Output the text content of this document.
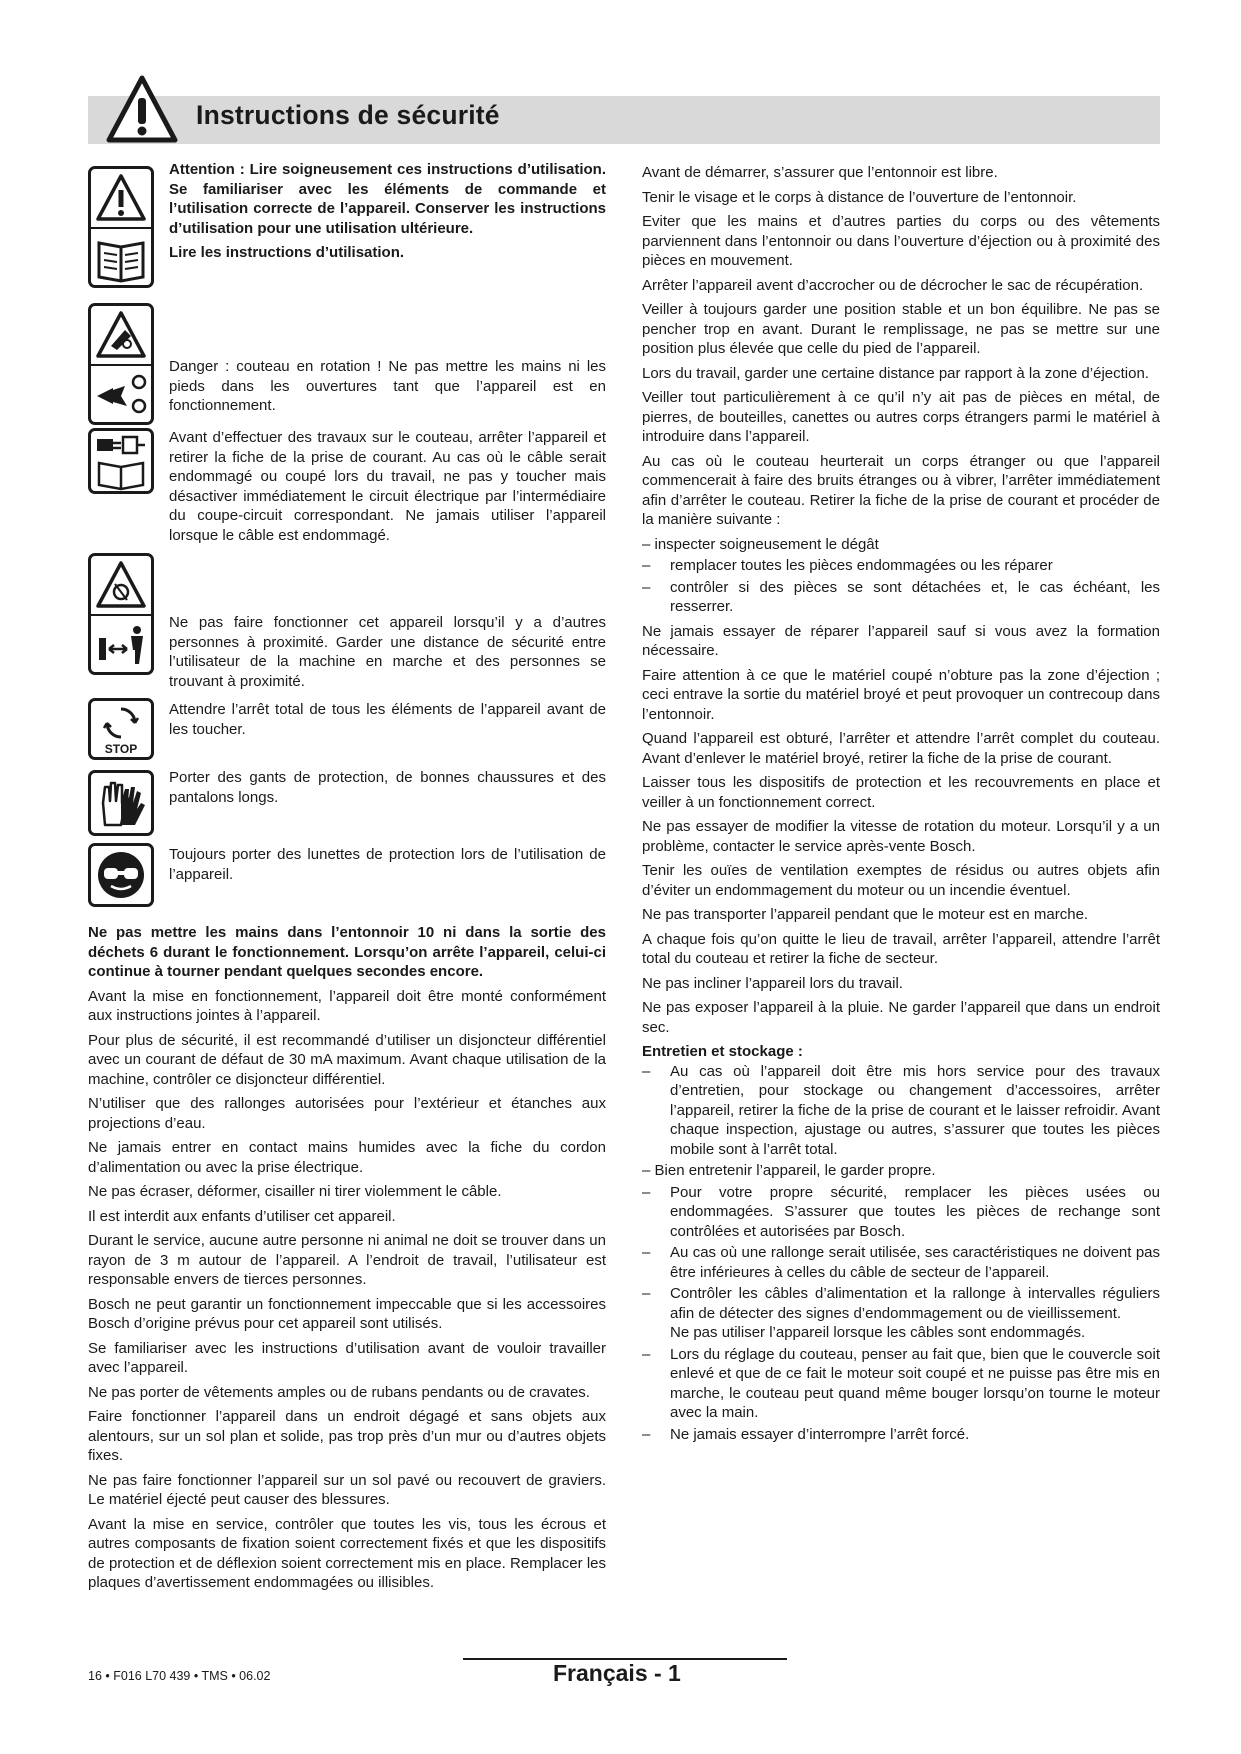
Instructions de sécurité
STOP

Attention : Lire soigneusement ces instructions d’utilisation. Se familiariser avec les éléments de commande et l’utilisation correcte de l’appareil. Conserver les instructions d’utilisation pour une utilisation ultérieure.

Lire les instructions d’utilisation.

Danger : couteau en rotation ! Ne pas mettre les mains ni les pieds dans les ouvertures tant que l’appareil est en fonctionnement.

Avant d’effectuer des travaux sur le couteau, arrêter l’appareil et retirer la fiche de la prise de courant. Au cas où le câble serait endommagé ou coupé lors du travail, ne pas y toucher mais désactiver immédiatement le circuit électrique par l’intermédiaire du coupe-circuit correspondant. Ne jamais utiliser l’appareil lorsque le câble est endommagé.

Ne pas faire fonctionner cet appareil lorsqu’il y a d’autres personnes à proximité. Garder une distance de sécurité entre l’utilisateur de la machine en marche et des personnes se trouvant à proximité.

Attendre l’arrêt total de tous les éléments de l’appareil avant de les toucher.

Porter des gants de protection, de bonnes chaussures et des pantalons longs.

Toujours porter des lunettes de protection lors de l’utilisation de l’appareil.

Ne pas mettre les mains dans l’entonnoir 10 ni dans la sortie des déchets 6 durant le fonctionnement. Lorsqu’on arrête l’appareil, celui-ci continue à tourner pendant quelques secondes encore.

Avant la mise en fonctionnement, l’appareil doit être monté conformément aux instructions jointes à l’appareil.

Pour plus de sécurité, il est recommandé d’utiliser un disjoncteur différentiel avec un courant de défaut de 30 mA maximum. Avant chaque utilisation de la machine, contrôler ce disjoncteur différentiel.

N’utiliser que des rallonges autorisées pour l’extérieur et étanches aux projections d’eau.

Ne jamais entrer en contact mains humides avec la fiche du cordon d’alimentation ou avec la prise électrique.

Ne pas écraser, déformer, cisailler ni tirer violemment le câble.

Il est interdit aux enfants d’utiliser cet appareil.

Durant le service, aucune autre personne ni animal ne doit se trouver dans un rayon de 3 m autour de l’appareil. A l’endroit de travail, l’utilisateur est responsable envers de tierces personnes.

Bosch ne peut garantir un fonctionnement impeccable que si les accessoires Bosch d’origine prévus pour cet appareil sont utilisés.

Se familiariser avec les instructions d’utilisation avant de vouloir travailler avec l’appareil.

Ne pas porter de vêtements amples ou de rubans pendants ou de cravates.

Faire fonctionner l’appareil dans un endroit dégagé et sans objets aux alentours, sur un sol plan et solide, pas trop près d’un mur ou d’autres objets fixes.

Ne pas faire fonctionner l’appareil sur un sol pavé ou recouvert de graviers. Le matériel éjecté peut causer des blessures.

Avant la mise en service, contrôler que toutes les vis, tous les écrous et autres composants de fixation soient correctement fixés et que les dispositifs de protection et de déflexion soient correctement mis en place. Remplacer les plaques d’avertissement endommagées ou illisibles.

Avant de démarrer, s’assurer que l’entonnoir est libre.

Tenir le visage et le corps à distance de l’ouverture de l’entonnoir.

Eviter que les mains et d’autres parties du corps ou des vêtements parviennent dans l’entonnoir ou dans l’ouverture d’éjection ou à proximité des pièces en mouvement.

Arrêter l’appareil avent d’accrocher ou de décrocher le sac de récupération.

Veiller à toujours garder une position stable et un bon équilibre. Ne pas se pencher trop en avant. Durant le remplissage, ne pas se mettre sur une position plus élevée que celle du pied de l’appareil.

Lors du travail, garder une certaine distance par rapport à la zone d’éjection.

Veiller tout particulièrement à ce qu’il n’y ait pas de pièces en métal, de pierres, de bouteilles, canettes ou autres corps étrangers parmi le matériel à introduire dans l’appareil.

Au cas où le couteau heurterait un corps étranger ou que l’appareil commencerait à faire des bruits étranges ou à vibrer, l’arrêter immédiatement afin d’arrêter le couteau. Retirer la fiche de la prise de courant et procéder de la manière suivante :

– inspecter soigneusement le dégât
– remplacer toutes les pièces endommagées ou les réparer
– contrôler si des pièces se sont détachées et, le cas échéant, les resserrer.

Ne jamais essayer de réparer l’appareil sauf si vous avez la formation nécessaire.

Faire attention à ce que le matériel coupé n’obture pas la zone d’éjection ; ceci entrave la sortie du matériel broyé et peut provoquer un contrecoup dans l’entonnoir.

Quand l’appareil est obturé, l’arrêter et attendre l’arrêt complet du couteau. Avant d’enlever le matériel broyé, retirer la fiche de la prise de courant.

Laisser tous les dispositifs de protection et les recouvrements en place et veiller à un fonctionnement correct.

Ne pas essayer de modifier la vitesse de rotation du moteur. Lorsqu’il y a un problème, contacter le service après-vente Bosch.

Tenir les ouïes de ventilation exemptes de résidus ou autres objets afin d’éviter un endommagement du moteur ou un incendie éventuel.

Ne pas transporter l’appareil pendant que le moteur est en marche.

A chaque fois qu’on quitte le lieu de travail, arrêter l’appareil, attendre l’arrêt total du couteau et retirer la fiche de secteur.

Ne pas incliner l’appareil lors du travail.

Ne pas exposer l’appareil à la pluie. Ne garder l’appareil que dans un endroit sec.

Entretien et stockage :

– Au cas où l’appareil doit être mis hors service pour des travaux d’entretien, pour stockage ou changement d’accessoires, arrêter l’appareil, retirer la fiche de la prise de courant et le laisser refroidir. Avant chaque inspection, ajustage ou autres, s’assurer que toutes les pièces mobile sont à l’arrêt total.
– Bien entretenir l’appareil, le garder propre.
– Pour votre propre sécurité, remplacer les pièces usées ou endommagées. S’assurer que toutes les pièces de rechange sont contrôlées et autorisées par Bosch.
– Au cas où une rallonge serait utilisée, ses caractéristiques ne doivent pas être inférieures à celles du câble de secteur de l’appareil.
– Contrôler les câbles d’alimentation et la rallonge à intervalles réguliers afin de détecter des signes d’endommagement ou de vieillissement.
Ne pas utiliser l’appareil lorsque les câbles sont endommagés.
– Lors du réglage du couteau, penser au fait que, bien que le couvercle soit enlevé et que de ce fait le moteur soit coupé et ne puisse pas être mis en marche, le couteau peut quand même bouger lorsqu’on tourne le moteur avec la main.
– Ne jamais essayer d’interrompre l’arrêt forcé.
16 • F016 L70 439 • TMS • 06.02	Français - 1
